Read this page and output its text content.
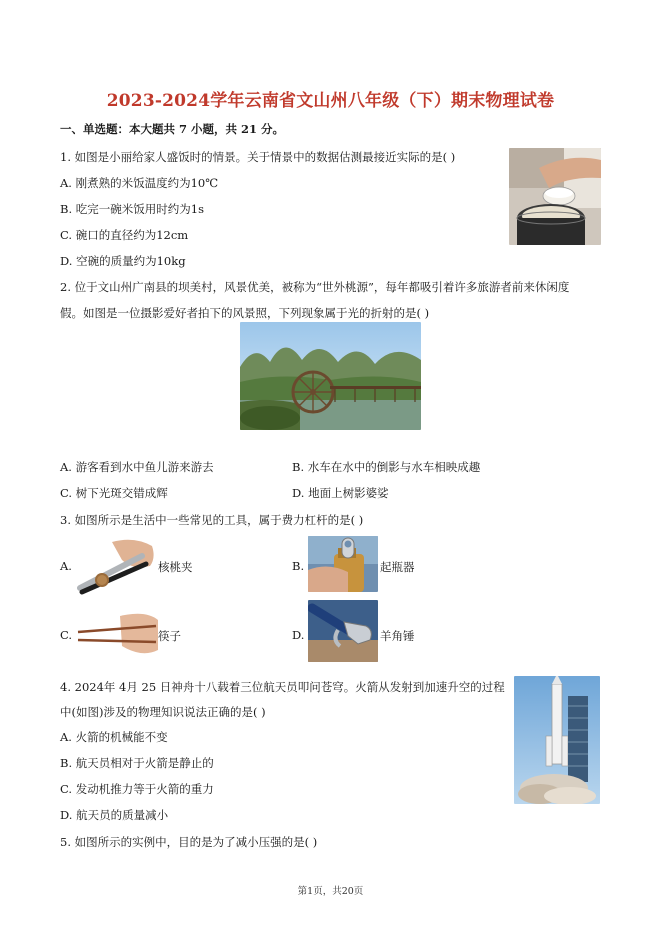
2023-2024学年云南省文山州八年级（下）期末物理试卷
一、单选题：本大题共 7 小题，共 21 分。
1. 如图是小丽给家人盛饭时的情景。关于情景中的数据估测最接近实际的是( )
A. 刚煮熟的米饭温度约为10℃
B. 吃完一碗米饭用时约为1s
C. 碗口的直径约为12cm
D. 空碗的质量约为10kg
2. 位于文山州广南县的坝美村，风景优美，被称为“世外桃源”，每年都吸引着许多旅游者前来休闲度
假。如图是一位摄影爱好者拍下的风景照，下列现象属于光的折射的是( )
A. 游客看到水中鱼儿游来游去	B. 水车在水中的倒影与水车相映成趣
C. 树下光斑交错成辉	D. 地面上树影婆娑
3. 如图所示是生活中一些常见的工具，属于费力杠杆的是( )
A.	核桃夹	B.	起瓶器
C.	筷子	D.	羊角锤
4. 2024年 4月 25 日神舟十八载着三位航天员叩问苍穹。火箭从发射到加速升空的过程
中(如图)涉及的物理知识说法正确的是( )
A. 火箭的机械能不变
B. 航天员相对于火箭是静止的
C. 发动机推力等于火箭的重力
D. 航天员的质量减小
5. 如图所示的实例中，目的是为了减小压强的是( )
第1页，共20页
